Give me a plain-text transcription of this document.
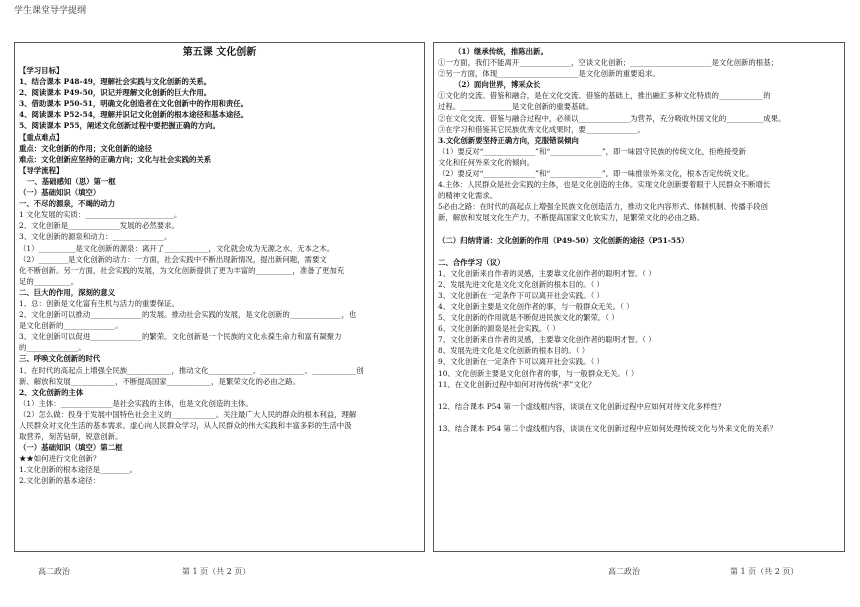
学生课堂导学提纲
第五课 文化创新
【学习目标】
1、结合课本 P48-49，理解社会实践与文化创新的关系。
2、阅读课本 P49-50，识记并理解文化创新的巨大作用。
3、借助课本 P50-51，明确文化创造者在文化创新中的作用和责任。
4、阅读课本 P52-54，理解并识记文化创新的根本途径和基本途径。
5、阅读课本 P55，阐述文化创新过程中要把握正确的方向。
【重点难点】
重点：文化创新的作用；文化创新的途径
难点：文化创新应坚持的正确方向；文化与社会实践的关系
【导学流程】
一、基础感知（思）第一框
（一）基础知识（填空）
一、不尽的源泉，不竭的动力
1 文化发展的实质：________________________。
2、文化创新是______________发展的必然要求。
3、文化创新的源泉和动力：______________。
（1）__________是文化创新的源泉：离开了____________，文化就会成为无源之水、无本之木。
（2）________是文化创新的动力：一方面，社会实践中不断出现新情况，提出新问题，需要文
化不断创新。另一方面，社会实践的发展，为文化创新提供了更为丰富的__________，准备了更加充
足的__________。
二、巨大的作用，深刻的意义
1、总：创新是文化富有生机与活力的重要保证。
2、文化创新可以推动______________的发展。推动社会实践的发展，是文化创新的______________，也
是文化创新的______________。
3、文化创新可以促进______________的繁荣。文化创新是一个民族的文化永葆生命力和富有凝聚力
的______________。
三、呼唤文化创新的时代
1、在时代的高起点上增强全民族____________，推动文化____________、____________、____________创
新、解放和发展____________，不断提高国家____________，是繁荣文化的必由之路。
2、文化创新的主体
（1）主体：______________是社会实践的主体，也是文化创造的主体。
（2）怎么做：投身于发展中国特色社会主义的____________。关注最广大人民的群众的根本利益，理解
人民群众对文化生活的基本需求。虚心向人民群众学习，从人民群众的伟大实践和丰富多彩的生活中汲
取营养，刻苦钻研，锐意创新。
（一）基础知识（填空）第二框
★★如何进行文化创新？
1.文化创新的根本途径是________。
2.文化创新的基本途径：
（1）继承传统，推陈出新。
①一方面，我们不能离开______________，空谈文化创新；______________________是文化创新的根基；
②另一方面，体现______________________是文化创新的重要追求。
（2）面向世界，博采众长
①文化的交流、借鉴和融合，是在文化交流、借鉴的基础上，推出融汇多种文化特质的____________的
过程。______________是文化创新的重要基础。
②在文化交流、借鉴与融合过程中，必须以______________为营养，充分吸收外国文化的__________成果。
③在学习和借鉴其它民族优秀文化成果时，要______________。
3.文化创新要坚持正确方向，克服错误倾向
（1）要反对“______________”和“______________”，即一味固守民族的传统文化，拒绝接受新
文化和任何外来文化的倾向。
（2）要反对“______________”和“______________”，即一味推崇外来文化，根本否定传统文化。
4.主体：人民群众是社会实践的主体，也是文化创造的主体。实现文化创新要着眼于人民群众不断增长
的精神文化需求。
5必由之路：在时代的高起点上增强全民族文化创造活力，推动文化内容形式、体制机制、传播手段创
新，解放和发展文化生产力，不断提高国家文化软实力，是繁荣文化的必由之路。
（二）归纳背诵：文化创新的作用（P49-50）文化创新的途径（P51-55）
二、合作学习（议）
1、文化创新来自作者的灵感，主要靠文化创作者的聪明才智。（ ）
2、发展先进文化是文化文化创新的根本目的。（ ）
3、文化创新在一定条件下可以离开社会实践。（ ）
4、文化创新主要是文化创作者的事，与一般群众无关。（ ）
5、文化创新的作用就是不断促进民族文化的繁荣。（ ）
6、文化创新的源泉是社会实践。（ ）
7、文化创新来自作者的灵感，主要靠文化创作者的聪明才智。（ ）
8、发展先进文化是文化创新的根本目的。（ ）
9、文化创新在一定条件下可以离开社会实践。（ ）
10、文化创新主要是文化创作者的事，与一般群众无关。（ ）
11、在文化创新过程中如何对待传统“孝”文化？
12、结合课本 P54 第一个虚线框内容，谈谈在文化创新过程中应如何对待文化多样性？
13、结合课本 P54 第二个虚线框内容，谈谈在文化创新过程中应如何处理传统文化与外来文化的关系？
高二政治	第 1 页（共 2 页）	高二政治	第 1 页（共 2 页）
